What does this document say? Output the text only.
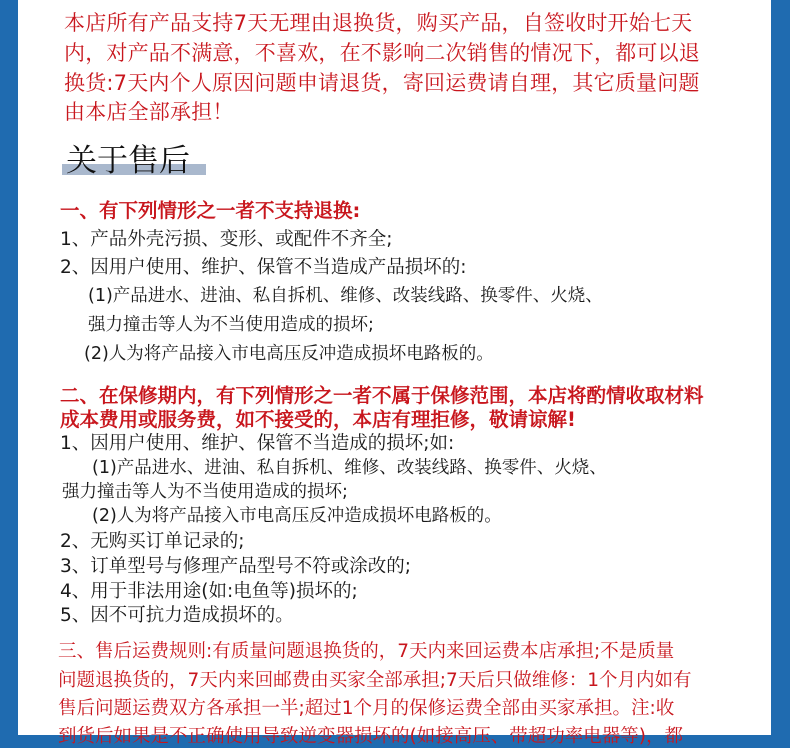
本店所有产品支持7天无理由退换货，购买产品，自签收时开始七天

内，对产品不满意，不喜欢，在不影响二次销售的情况下，都可以退

换货:7天内个人原因问题申请退货，寄回运费请自理，其它质量问题

由本店全部承担！

关于售后

一、有下列情形之一者不支持退换:

1、产品外壳污损、变形、或配件不齐全;

2、因用户使用、维护、保管不当造成产品损坏的:

(1)产品进水、进油、私自拆机、维修、改装线路、换零件、火烧、

强力撞击等人为不当使用造成的损坏;

(2)人为将产品接入市电高压反冲造成损坏电路板的。

二、在保修期内，有下列情形之一者不属于保修范围，本店将酌情收取材料

成本费用或服务费，如不接受的，本店有理拒修，敬请谅解!

1、因用户使用、维护、保管不当造成的损坏;如:

(1)产品进水、进油、私自拆机、维修、改装线路、换零件、火烧、

强力撞击等人为不当使用造成的损坏;

(2)人为将产品接入市电高压反冲造成损坏电路板的。

2、无购买订单记录的;

3、订单型号与修理产品型号不符或涂改的;

4、用于非法用途(如:电鱼等)损坏的;

5、因不可抗力造成损坏的。

三、售后运费规则:有质量问题退换货的，7天内来回运费本店承担;不是质量

问题退换货的，7天内来回邮费由买家全部承担;7天后只做维修：1个月内如有

售后问题运费双方各承担一半;超过1个月的保修运费全部由买家承担。注:收

到货后如果是不正确使用导致逆变器损坏的(如接高压、带超功率电器等)，都
